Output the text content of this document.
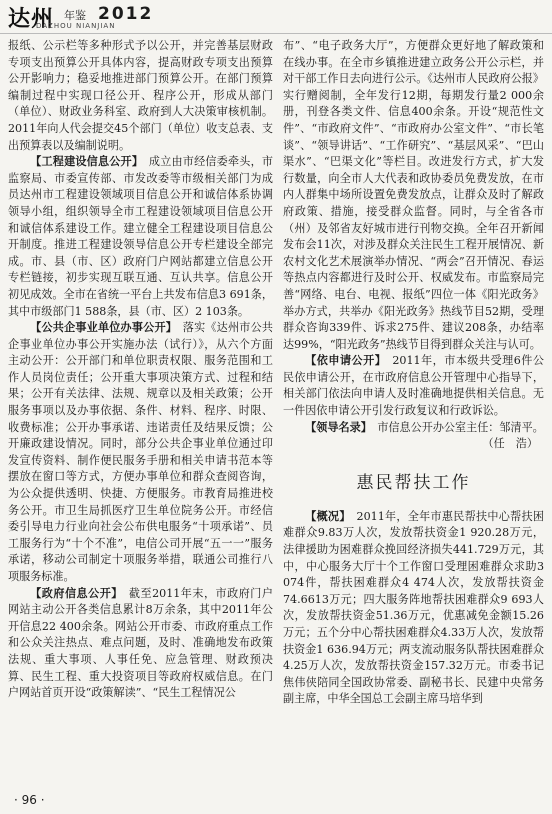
达州 年鉴 2012
DAZHOU NIANJIAN

报纸、公示栏等多种形式予以公开，并完善基层财政专项支出预算公开具体内容，提高财政专项支出预算公开影响力；稳妥地推进部门预算公开。在部门预算编制过程中实现口径公开、程序公开，形成从部门（单位）、财政业务科室、政府到人大决策审核机制。2011年向人代会提交45个部门（单位）收支总表、支出预算表以及编制说明。

【 工程建设信息公开 】　 成立由市经信委牵头，市监察局、市委宣传部、市发改委等市级相关部门为成员达州市工程建设领域项目信息公开和诚信体系协调领导小组，组织领导全市工程建设领域项目信息公开和诚信体系建设工作。建立健全工程建设项目信息公开制度。推进工程建设领导信息公开专栏建设全部完成。市、县（市、区）政府门户网站都建立信息公开专栏链接，初步实现互联互通、互认共享。信息公开初见成效。全市在省统一平台上共发布信息3 691条，其中市级部门1 588条，县（市、区）2 103条。

【 公共企事业单位办事公开 】　 落实《达州市公共企事业单位办事公开实施办法（试行）》，从六个方面主动公开：公开部门和单位职责权限、服务范围和工作人员岗位责任；公开重大事项决策方式、过程和结果；公开有关法律、法规、规章以及相关政策；公开服务事项以及办事依据、条件、材料、程序、时限、收费标准；公开办事承诺、违诺责任及结果反馈；公开廉政建设情况。同时，部分公共企事业单位通过印发宣传资料、制作便民服务手册和相关申请书范本等摆放在窗口等方式，方便办事单位和群众查阅咨询，为公众提供透明、快捷、方便服务。市教育局推进校务公开。市卫生局抓医疗卫生单位院务公开。市经信委引导电力行业向社会公布供电服务“十项承诺”、员工服务行为“十个不准”，电信公司开展“五一一”服务承诺，移动公司制定十项服务举措，联通公司推行八项服务标准。

【 政府信息公开 】　 截至2011年末，市政府门户网站主动公开各类信息累计8万余条，其中2011年公开信息22 400余条。网站公开市委、市政府重点工作和公众关注热点、难点问题，及时、准确地发布政策法规、重大事项、人事任免、应急管理、财政预决算、民生工程、重大投资项目等政府权威信息。在门户网站首页开设“政策解读”、“民生工程情况公

布”、“电子政务大厅”，方便群众更好地了解政策和在线办事。在全市乡镇推进建立政务公开公示栏，并对干部工作日去向进行公示。《达州市人民政府公报》实行赠阅制，全年发行12期，每期发行量2 000余册，刊登各类文件、信息400余条。开设“规范性文件”、“市政府文件”、“市政府办公室文件”、“市长笔谈”、“领导讲话”、“工作研究”、“基层风采”、“巴山渠水”、“巴渠文化”等栏目。改进发行方式，扩大发行数量，向全市人大代表和政协委员免费发放，在市内人群集中场所设置免费发放点，让群众及时了解政府政策、措施，接受群众监督。同时，与全省各市（州）及邻省友好城市进行刊物交换。全年召开新闻发布会11次，对涉及群众关注民生工程开展情况、新农村文化艺术展演举办情况、“两会”召开情况、春运等热点内容都进行及时公开、权威发布。市监察局完善“网络、电台、电视、报纸”四位一体《阳光政务》举办方式，共举办《阳光政务》热线节目52期，受理群众咨询339件、诉求275件、建议208条，办结率达99%，“阳光政务”热线节目得到群众关注与认可。

【 依申请公开 】　 2011年，市本级共受理6件公民依申请公开，在市政府信息公开管理中心指导下，相关部门依法向申请人及时准确地提供相关信息。无一件因依申请公开引发行政复议和行政诉讼。

【 领导名录 】　 市信息公开办公室主任：邹清平。

（ 任　浩 ）

惠民帮扶工作

【 概况 】　 2011年，全年市惠民帮扶中心帮扶困难群众9.83万人次，发放帮扶资金1 920.28万元，法律援助为困难群众挽回经济损失441.729万元，其中，中心服务大厅十个工作窗口受理困难群众求助3 074件，帮扶困难群众4 474人次，发放帮扶资金74.6613万元；四大服务阵地帮扶困难群众9 693人次，发放帮扶资金51.36万元，优惠减免金额15.26万元；五个分中心帮扶困难群众4.33万人次，发放帮扶资金1 636.94万元；两支流动服务队帮扶困难群众4.25万人次，发放帮扶资金157.32万元。市委书记焦伟侠陪同全国政协常委、副秘书长、民建中央常务副主席，中华全国总工会副主席马培华到

· 96 ·
